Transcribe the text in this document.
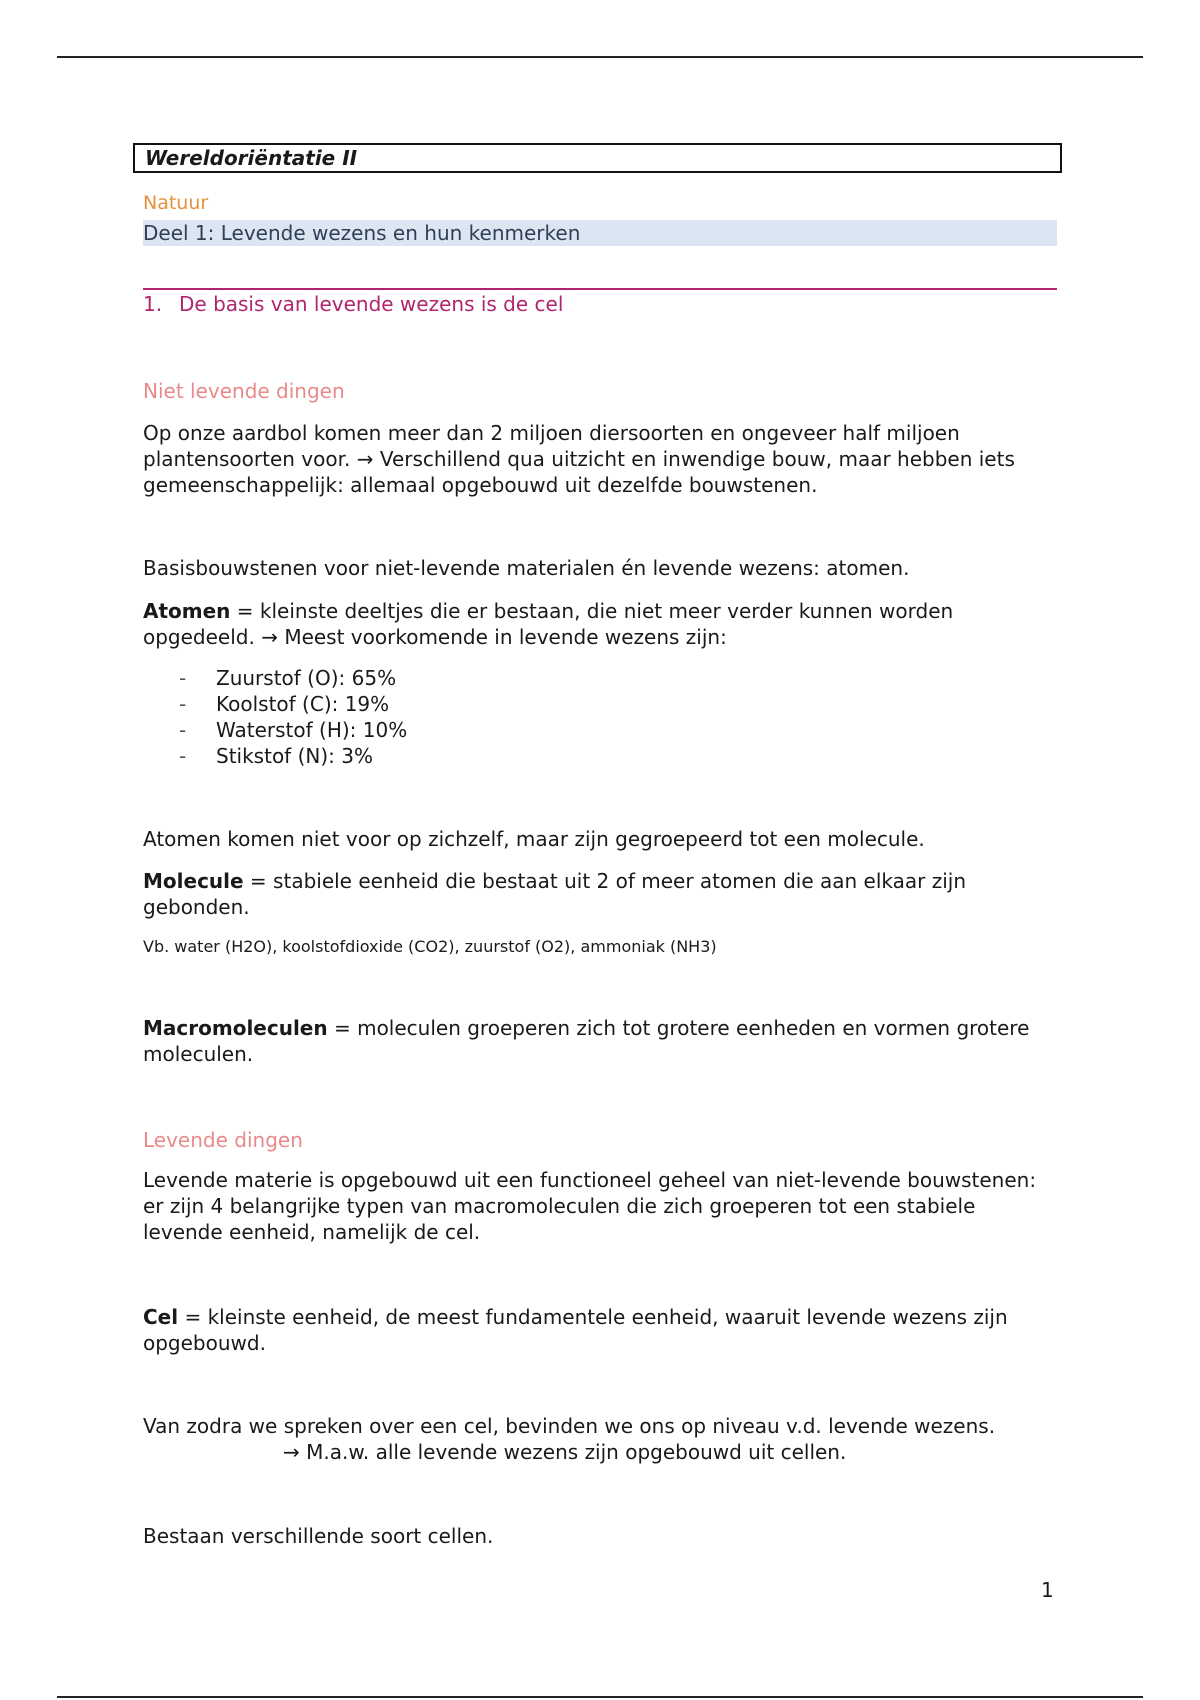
Wereldoriëntatie II
Natuur
Deel 1: Levende wezens en hun kenmerken
1. De basis van levende wezens is de cel
Niet levende dingen
Op onze aardbol komen meer dan 2 miljoen diersoorten en ongeveer half miljoen plantensoorten voor. → Verschillend qua uitzicht en inwendige bouw, maar hebben iets gemeenschappelijk: allemaal opgebouwd uit dezelfde bouwstenen.
Basisbouwstenen voor niet-levende materialen én levende wezens: atomen.
Atomen = kleinste deeltjes die er bestaan, die niet meer verder kunnen worden opgedeeld. → Meest voorkomende in levende wezens zijn:
- Zuurstof (O): 65%
- Koolstof (C): 19%
- Waterstof (H): 10%
- Stikstof (N): 3%
Atomen komen niet voor op zichzelf, maar zijn gegroepeerd tot een molecule.
Molecule = stabiele eenheid die bestaat uit 2 of meer atomen die aan elkaar zijn gebonden.
Vb. water (H2O), koolstofdioxide (CO2), zuurstof (O2), ammoniak (NH3)
Macromoleculen = moleculen groeperen zich tot grotere eenheden en vormen grotere moleculen.
Levende dingen
Levende materie is opgebouwd uit een functioneel geheel van niet-levende bouwstenen: er zijn 4 belangrijke typen van macromoleculen die zich groeperen tot een stabiele levende eenheid, namelijk de cel.
Cel = kleinste eenheid, de meest fundamentele eenheid, waaruit levende wezens zijn opgebouwd.
Van zodra we spreken over een cel, bevinden we ons op niveau v.d. levende wezens.→ M.a.w. alle levende wezens zijn opgebouwd uit cellen.
Bestaan verschillende soort cellen.
1
